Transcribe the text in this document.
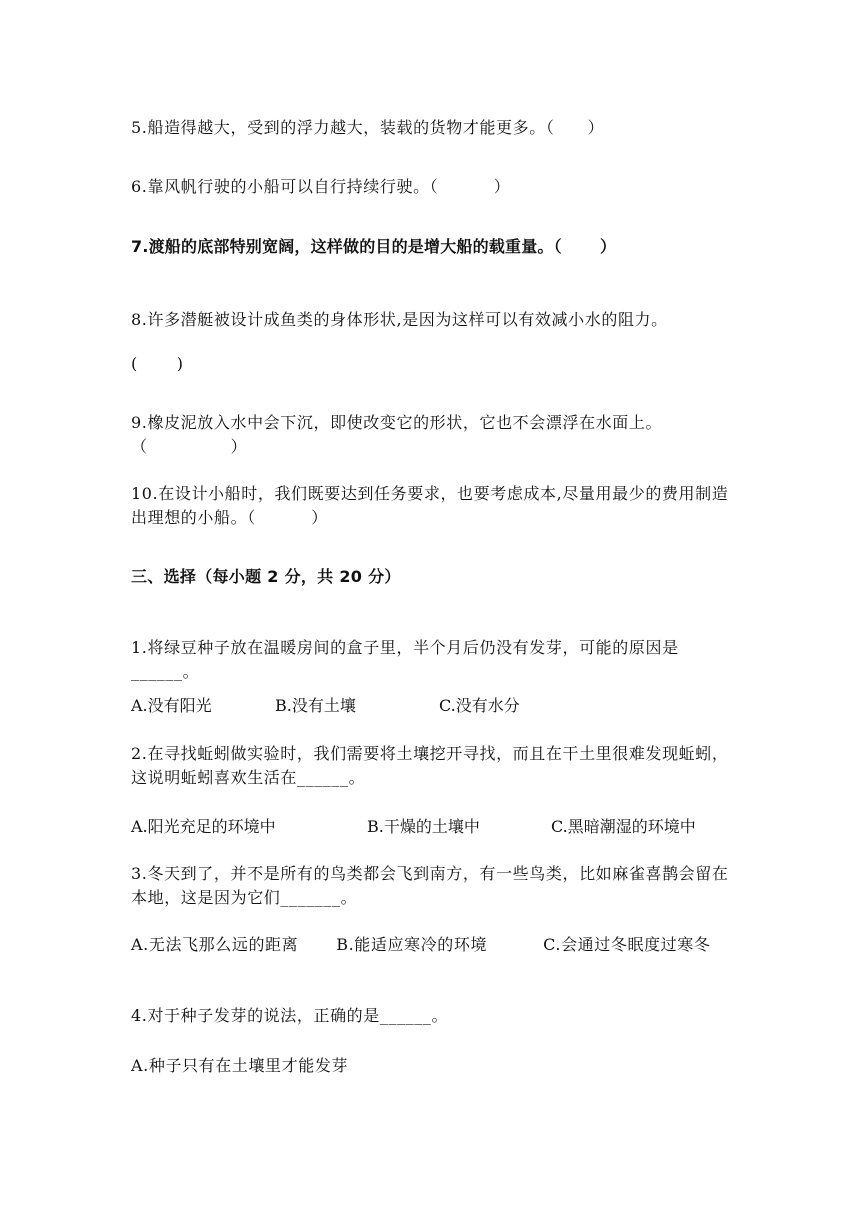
5.船造得越大，受到的浮力越大，装载的货物才能更多。（　　）
6.靠风帆行驶的小船可以自行持续行驶。（　　　 ）
7.渡船的底部特别宽阔，这样做的目的是增大船的载重量。（　　 ）
8.许多潜艇被设计成鱼类的身体形状,是因为这样可以有效减小水的阻力。
(　　 )
9.橡皮泥放入水中会下沉，即使改变它的形状，它也不会漂浮在水面上。（　　　　　）
10.在设计小船时，我们既要达到任务要求，也要考虑成本,尽量用最少的费用制造出理想的小船。（　　　 ）
三、选择（每小题 2 分，共 20 分）
1.将绿豆种子放在温暖房间的盒子里，半个月后仍没有发芽，可能的原因是______。
A.没有阳光	B.没有土壤	C.没有水分
2.在寻找蚯蚓做实验时，我们需要将土壤挖开寻找，而且在干土里很难发现蚯蚓，这说明蚯蚓喜欢生活在______。
A.阳光充足的环境中	B.干燥的土壤中	C.黑暗潮湿的环境中
3.冬天到了，并不是所有的鸟类都会飞到南方，有一些鸟类，比如麻雀喜鹊会留在本地，这是因为它们_______。
A.无法飞那么远的距离 B.能适应寒冷的环境	C.会通过冬眠度过寒冬
4.对于种子发芽的说法，正确的是______。
A.种子只有在土壤里才能发芽
